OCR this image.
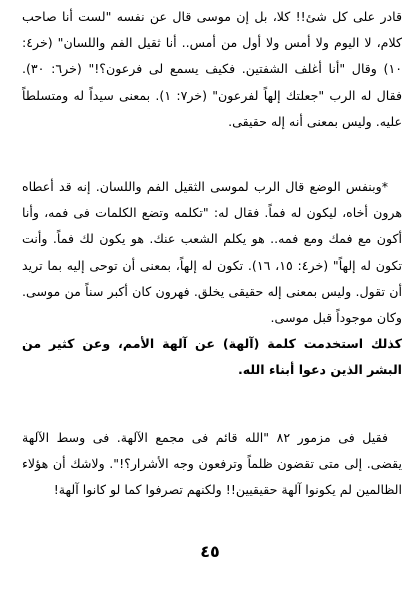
قادر على كل شئ!! كلا، بل إن موسى قال عن نفسه "لست أنا صاحب كلام، لا اليوم ولا أمس ولا أول من أمس.. أنا ثقيل الفم واللسان" (خر٤: ١٠) وقال "أنا أغلف الشفتين. فكيف يسمع لى فرعون؟!" (خر٦: ٣٠). فقال له الرب "جعلتك إلهاً لفرعون" (خر٧: ١). بمعنى سيداً له ومتسلطاً عليه. وليس بمعنى أنه إله حقيقى.

*وبنفس الوضع قال الرب لموسى الثقيل الفم واللسان. إنه قد أعطاه هرون أخاه، ليكون له فماً. فقال له: "تكلمه وتضع الكلمات فى فمه، وأنا أكون مع فمك ومع فمه.. هو يكلم الشعب عنك. هو يكون لك فماً. وأنت تكون له إلهاً" (خر٤: ١٥، ١٦). تكون له إلهاً، بمعنى أن توحى إليه بما تريد أن تقول. وليس بمعنى إله حقيقى يخلق. فهرون كان أكبر سناً من موسى. وكان موجوداً قبل موسى.

كذلك استخدمت كلمة (آلهة) عن آلهة الأمم، وعن كثير من البشر الذين دعوا أبناء الله.

فقيل فى مزمور ٨٢ "الله قائم فى مجمع الآلهة. فى وسط الآلهة يقضى. إلى متى تقضون ظلماً وترفعون وجه الأشرار؟!". ولاشك أن هؤلاء الظالمين لم يكونوا آلهة حقيقيين!! ولكنهم تصرفوا كما لو كانوا آلهة!

٤٥
